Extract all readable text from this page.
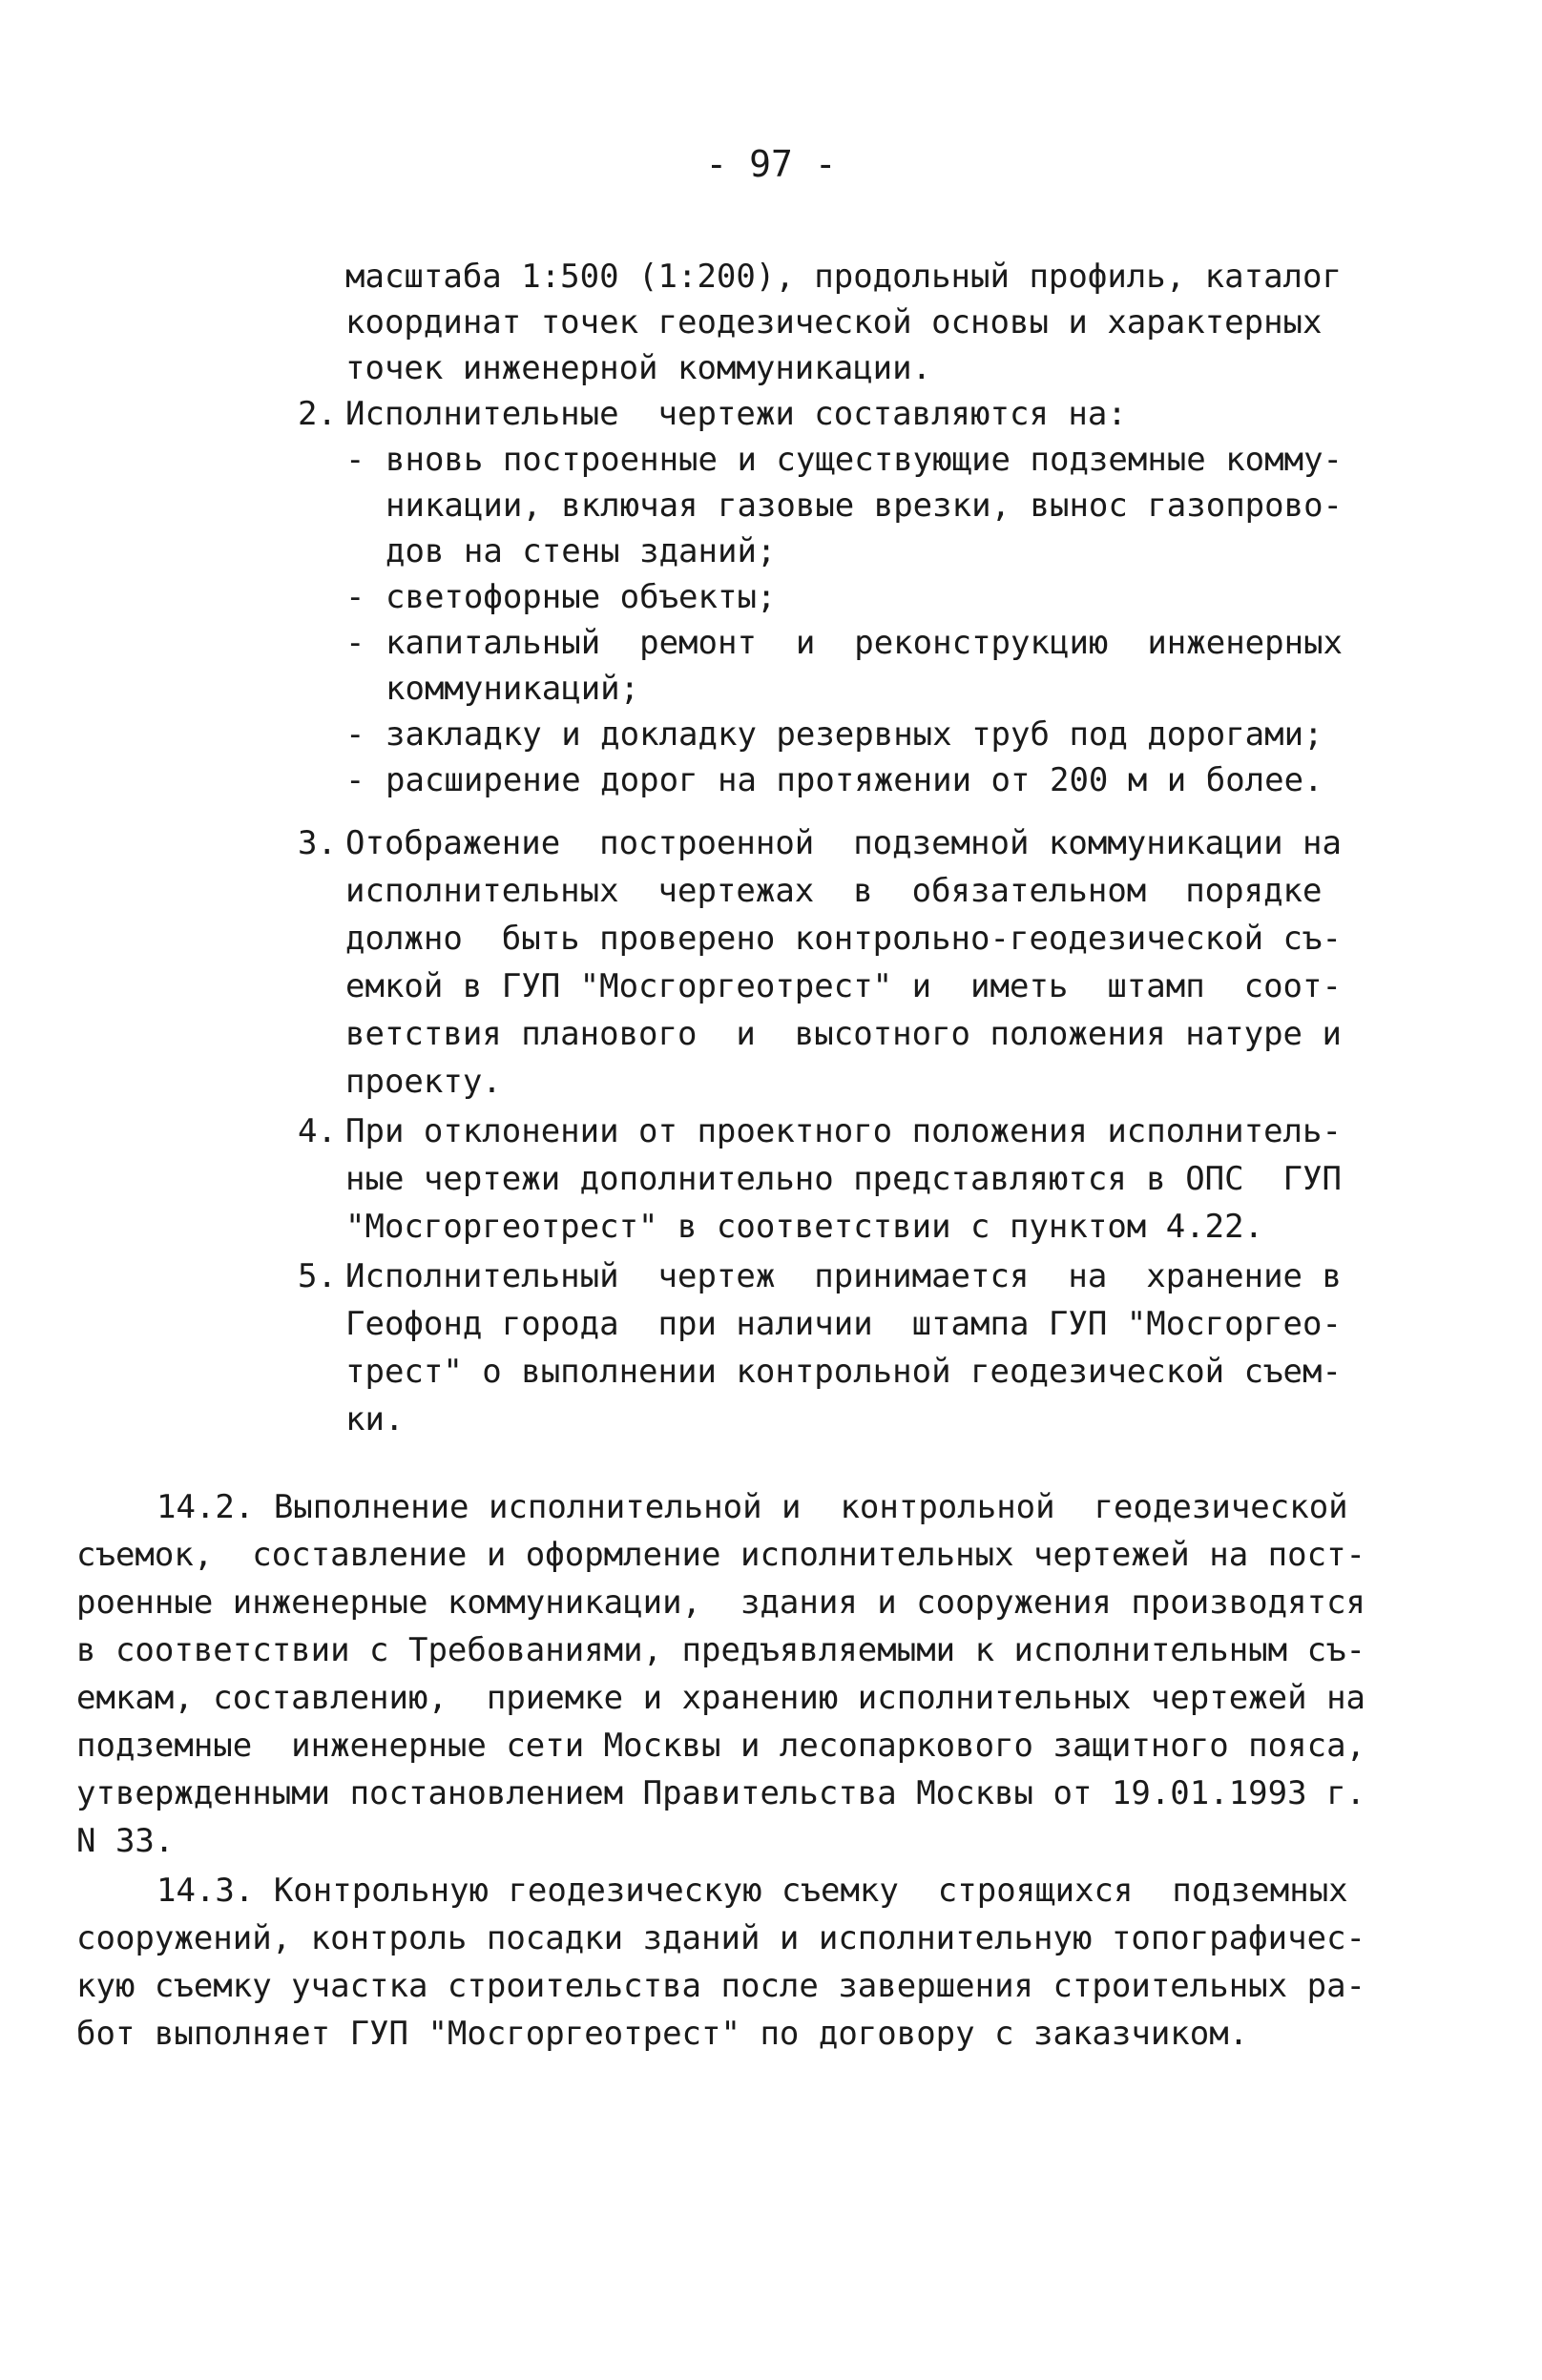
- 97 -
масштаба 1:500 (1:200), продольный профиль, каталог
координат точек геодезической основы и характерных
точек инженерной коммуникации.
2. Исполнительные  чертежи составляются на:
- вновь построенные и существующие подземные комму-
никации, включая газовые врезки, вынос газопрово-
дов на стены зданий;
- светофорные объекты;
- капитальный  ремонт  и  реконструкцию  инженерных
коммуникаций;
- закладку и докладку резервных труб под дорогами;
- расширение дорог на протяжении от 200 м и более.
3. Отображение  построенной  подземной коммуникации на
исполнительных  чертежах  в  обязательном  порядке
должно  быть проверено контрольно-геодезической съ-
емкой в ГУП "Мосгоргеотрест" и  иметь  штамп  соот-
ветствия планового  и  высотного положения натуре и
проекту.
4. При отклонении от проектного положения исполнитель-
ные чертежи дополнительно представляются в ОПС  ГУП
"Мосгоргеотрест" в соответствии с пунктом 4.22.
5. Исполнительный  чертеж  принимается  на  хранение в
Геофонд города  при наличии  штампа ГУП "Мосгоргео-
трест" о выполнении контрольной геодезической съем-
ки.
14.2. Выполнение исполнительной и  контрольной  геодезической
съемок,  составление и оформление исполнительных чертежей на пост-
роенные инженерные коммуникации,  здания и сооружения производятся
в соответствии с Требованиями, предъявляемыми к исполнительным съ-
емкам, составлению,  приемке и хранению исполнительных чертежей на
подземные  инженерные сети Москвы и лесопаркового защитного пояса,
утвержденными постановлением Правительства Москвы от 19.01.1993 г.
N 33.
14.3. Контрольную геодезическую съемку  строящихся  подземных
сооружений, контроль посадки зданий и исполнительную топографичес-
кую съемку участка строительства после завершения строительных ра-
бот выполняет ГУП "Мосгоргеотрест" по договору с заказчиком.
